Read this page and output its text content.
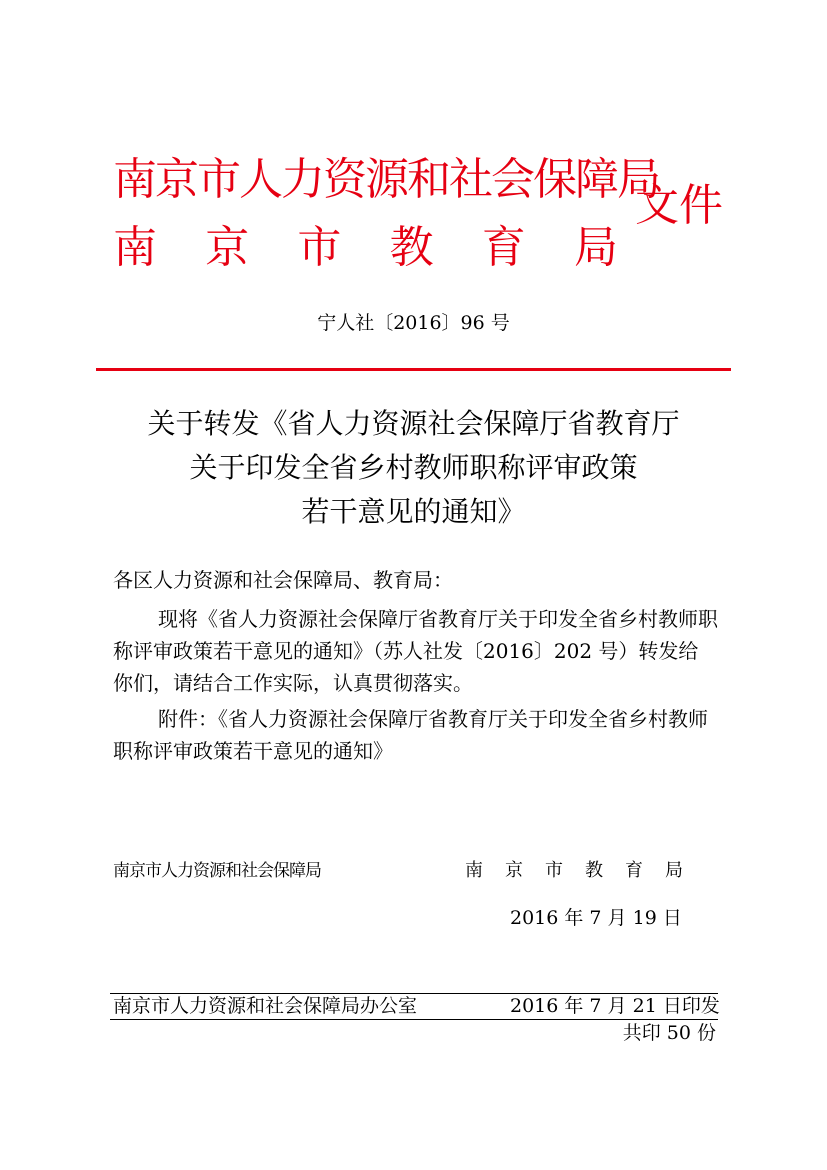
南京市人力资源和社会保障局
南 京 市 教 育 局
文件
宁人社〔2016〕96 号
关于转发《省人力资源社会保障厅省教育厅
关于印发全省乡村教师职称评审政策
若干意见的通知》
各区人力资源和社会保障局、教育局：
现将《省人力资源社会保障厅省教育厅关于印发全省乡村教师职称评审政策若干意见的通知》（苏人社发〔2016〕202 号）转发给你们，请结合工作实际，认真贯彻落实。
附件：《省人力资源社会保障厅省教育厅关于印发全省乡村教师职称评审政策若干意见的通知》
南京市人力资源和社会保障局	南 京 市 教 育 局
2016 年 7 月 19 日
南京市人力资源和社会保障局办公室	2016 年 7 月 21 日印发
共印 50 份
